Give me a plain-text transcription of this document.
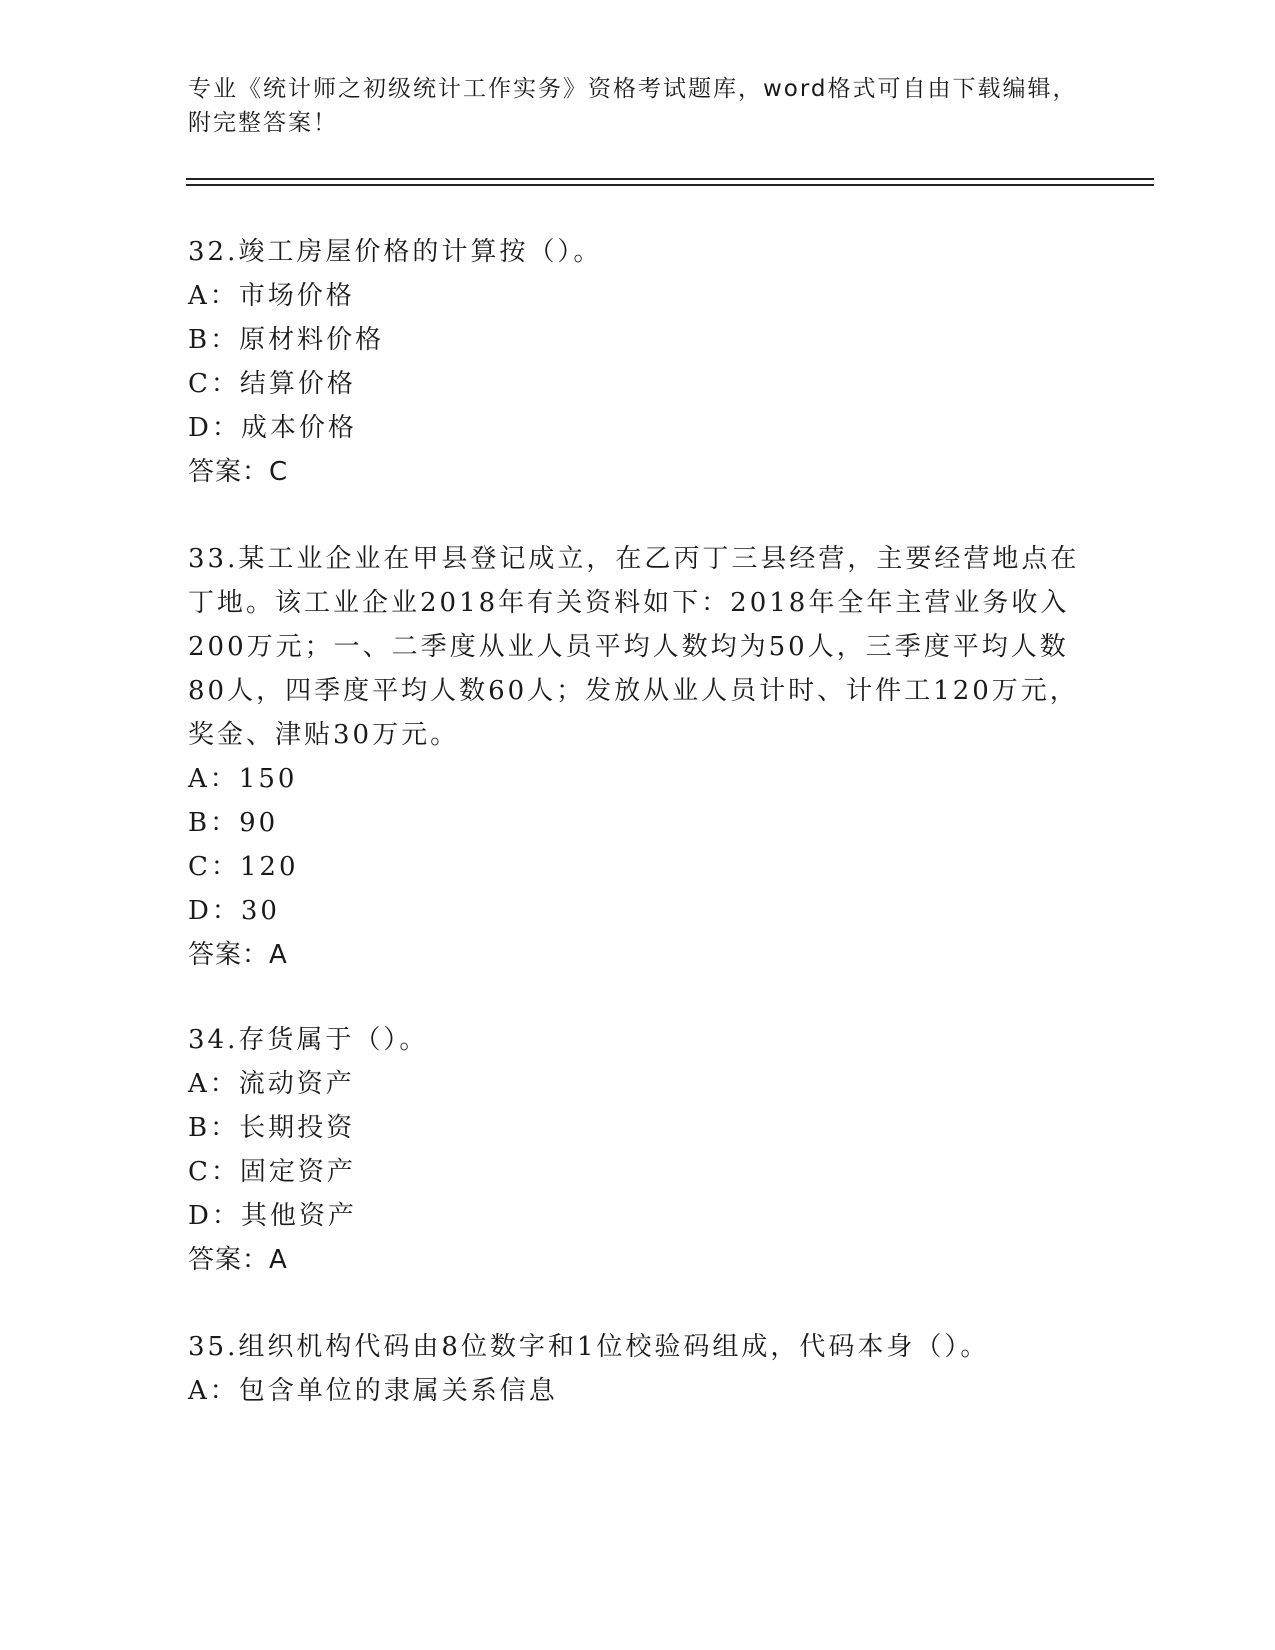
专业《统计师之初级统计工作实务》资格考试题库，word格式可自由下载编辑，
附完整答案！
32.竣工房屋价格的计算按（）。
A：市场价格
B：原材料价格
C：结算价格
D：成本价格
答案：C
33.某工业企业在甲县登记成立，在乙丙丁三县经营，主要经营地点在
丁地。该工业企业2018年有关资料如下：2018年全年主营业务收入
200万元；一、二季度从业人员平均人数均为50人，三季度平均人数
80人，四季度平均人数60人；发放从业人员计时、计件工120万元，
奖金、津贴30万元。
A：150
B：90
C：120
D：30
答案：A
34.存货属于（）。
A：流动资产
B：长期投资
C：固定资产
D：其他资产
答案：A
35.组织机构代码由8位数字和1位校验码组成，代码本身（）。
A：包含单位的隶属关系信息
